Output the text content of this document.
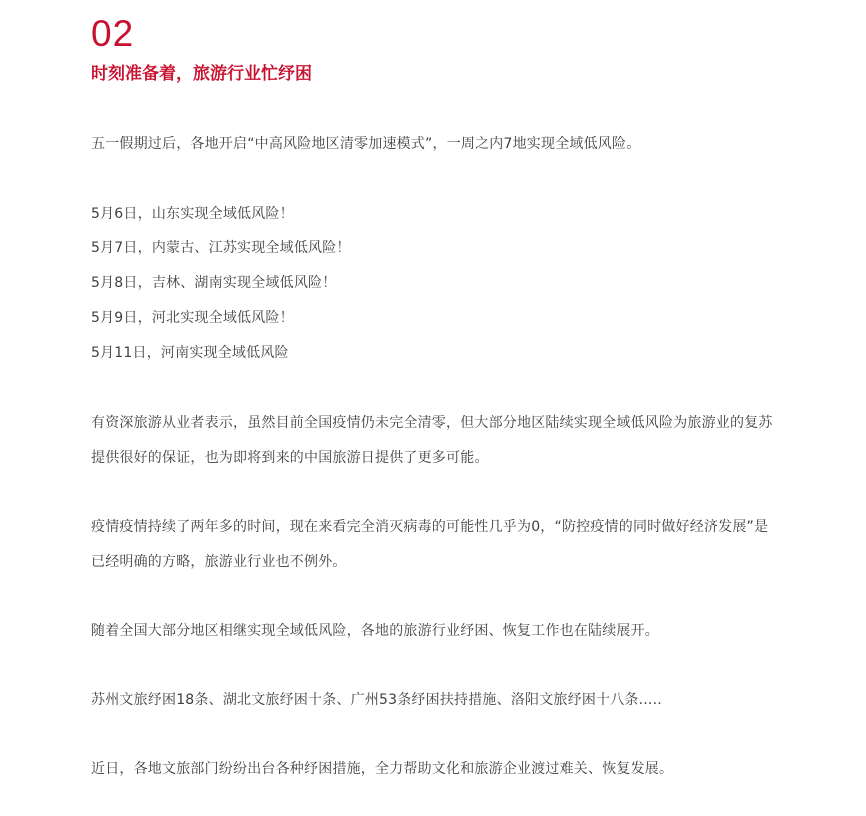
02
时刻准备着，旅游行业忙纾困

五一假期过后，各地开启“中高风险地区清零加速模式”，一周之内7地实现全域低风险。

5月6日，山东实现全域低风险！
5月7日，内蒙古、江苏实现全域低风险！
5月8日，吉林、湖南实现全域低风险！
5月9日，河北实现全域低风险！
5月11日，河南实现全域低风险

有资深旅游从业者表示，虽然目前全国疫情仍未完全清零，但大部分地区陆续实现全域低风险为旅游业的复苏提供很好的保证，也为即将到来的中国旅游日提供了更多可能。

疫情疫情持续了两年多的时间，现在来看完全消灭病毒的可能性几乎为0，“防控疫情的同时做好经济发展”是已经明确的方略，旅游业行业也不例外。

随着全国大部分地区相继实现全域低风险，各地的旅游行业纾困、恢复工作也在陆续展开。

苏州文旅纾困18条、湖北文旅纾困十条、广州53条纾困扶持措施、洛阳文旅纾困十八条.....

近日，各地文旅部门纷纷出台各种纾困措施，全力帮助文化和旅游企业渡过难关、恢复发展。
